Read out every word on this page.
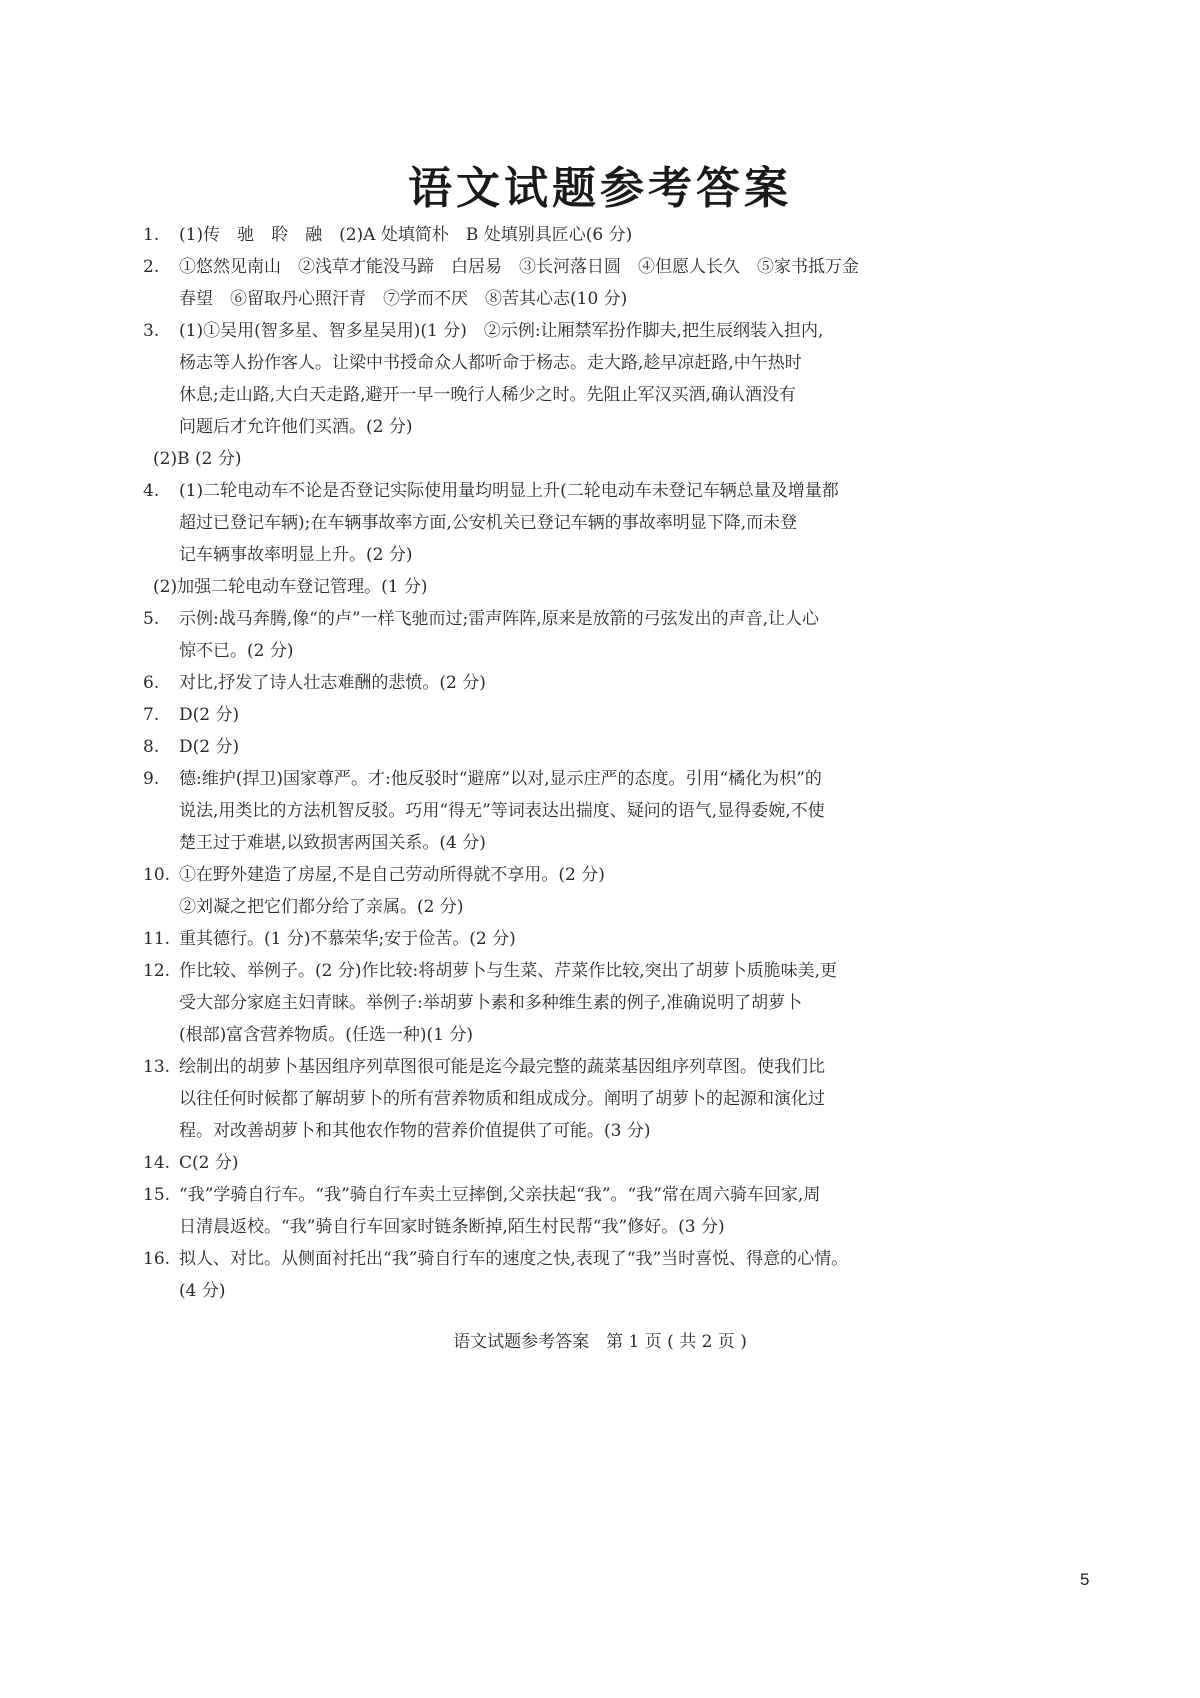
语文试题参考答案
1. (1)传　驰　聆　融　(2)A 处填简朴　B 处填别具匠心(6 分)
2. ①悠然见南山　②浅草才能没马蹄　白居易　③长河落日圆　④但愿人长久　⑤家书抵万金
春望　⑥留取丹心照汗青　⑦学而不厌　⑧苦其心志(10 分)
3. (1)①吴用(智多星、智多星吴用)(1 分)　②示例:让厢禁军扮作脚夫,把生辰纲装入担内,
杨志等人扮作客人。让梁中书授命众人都听命于杨志。走大路,趁早凉赶路,中午热时
休息;走山路,大白天走路,避开一早一晚行人稀少之时。先阻止军汉买酒,确认酒没有
问题后才允许他们买酒。(2 分)
(2)B (2 分)
4. (1)二轮电动车不论是否登记实际使用量均明显上升(二轮电动车未登记车辆总量及增量都
超过已登记车辆);在车辆事故率方面,公安机关已登记车辆的事故率明显下降,而未登
记车辆事故率明显上升。(2 分)
(2)加强二轮电动车登记管理。(1 分)
5. 示例:战马奔腾,像“的卢”一样飞驰而过;雷声阵阵,原来是放箭的弓弦发出的声音,让人心
惊不已。(2 分)
6. 对比,抒发了诗人壮志难酬的悲愤。(2 分)
7. D(2 分)
8. D(2 分)
9. 德:维护(捍卫)国家尊严。才:他反驳时“避席”以对,显示庄严的态度。引用“橘化为枳”的
说法,用类比的方法机智反驳。巧用“得无”等词表达出揣度、疑问的语气,显得委婉,不使
楚王过于难堪,以致损害两国关系。(4 分)
10. ①在野外建造了房屋,不是自己劳动所得就不享用。(2 分)
②刘凝之把它们都分给了亲属。(2 分)
11. 重其德行。(1 分)不慕荣华;安于俭苦。(2 分)
12. 作比较、举例子。(2 分)作比较:将胡萝卜与生菜、芹菜作比较,突出了胡萝卜质脆味美,更
受大部分家庭主妇青睐。举例子:举胡萝卜素和多种维生素的例子,准确说明了胡萝卜
(根部)富含营养物质。(任选一种)(1 分)
13. 绘制出的胡萝卜基因组序列草图很可能是迄今最完整的蔬菜基因组序列草图。使我们比
以往任何时候都了解胡萝卜的所有营养物质和组成成分。阐明了胡萝卜的起源和演化过
程。对改善胡萝卜和其他农作物的营养价值提供了可能。(3 分)
14. C(2 分)
15. “我”学骑自行车。“我”骑自行车卖土豆摔倒,父亲扶起“我”。“我”常在周六骑车回家,周
日清晨返校。“我”骑自行车回家时链条断掉,陌生村民帮“我”修好。(3 分)
16. 拟人、对比。从侧面衬托出“我”骑自行车的速度之快,表现了“我”当时喜悦、得意的心情。
(4 分)
语文试题参考答案　第 1 页 ( 共 2 页 )
5
